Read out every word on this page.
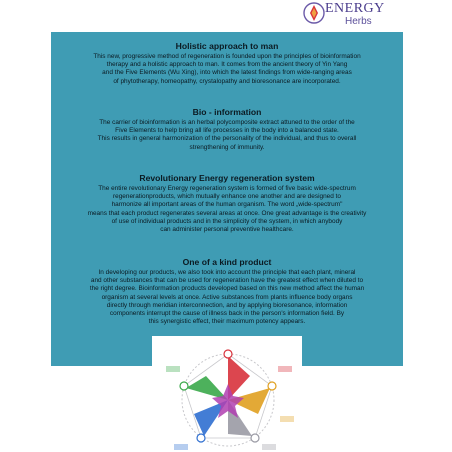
ENERGY
Herbs
Holistic approach to man

This new, progressive method of regeneration is founded upon the principles of bioinformation
therapy and a holistic approach to man. It comes from the ancient theory of Yin Yang
and the Five Elements (Wu Xing), into which the latest findings from wide-ranging areas
of phytotherapy, homeopathy, crystalopathy and bioresonance are incorporated.

Bio - information

The carrier of bioinformation is an herbal polycomposite extract attuned to the order of the
Five Elements to help bring all life processes in the body into a balanced state.
This results in general harmonization of the personality of the individual, and thus to overall
strengthening of immunity.

Revolutionary Energy regeneration system

The entire revolutionary Energy regeneration system is formed of five basic wide-spectrum
regenerationproducts, which mutually enhance one another and are designed to
harmonize all important areas of the human organism. The word „wide-spectrum"
means that each product regenerates several areas at once. One great advantage is the creativity
of use of individual products and in the simplicity of the system, in which anybody
can administer personal preventive healthcare.

One of a kind product

In developing our products, we also took into account the principle that each plant, mineral
and other substances that can be used for regeneration have the greatest effect when diluted to
the right degree. Bioinformation products developed based on this new method affect the human
organism at several levels at once. Active substances from plants influence body organs
directly through meridian interconnection, and by applying bioresonance, information
components interrupt the cause of illness back in the person's information field. By
this synergistic effect, their maximum potency appears.
